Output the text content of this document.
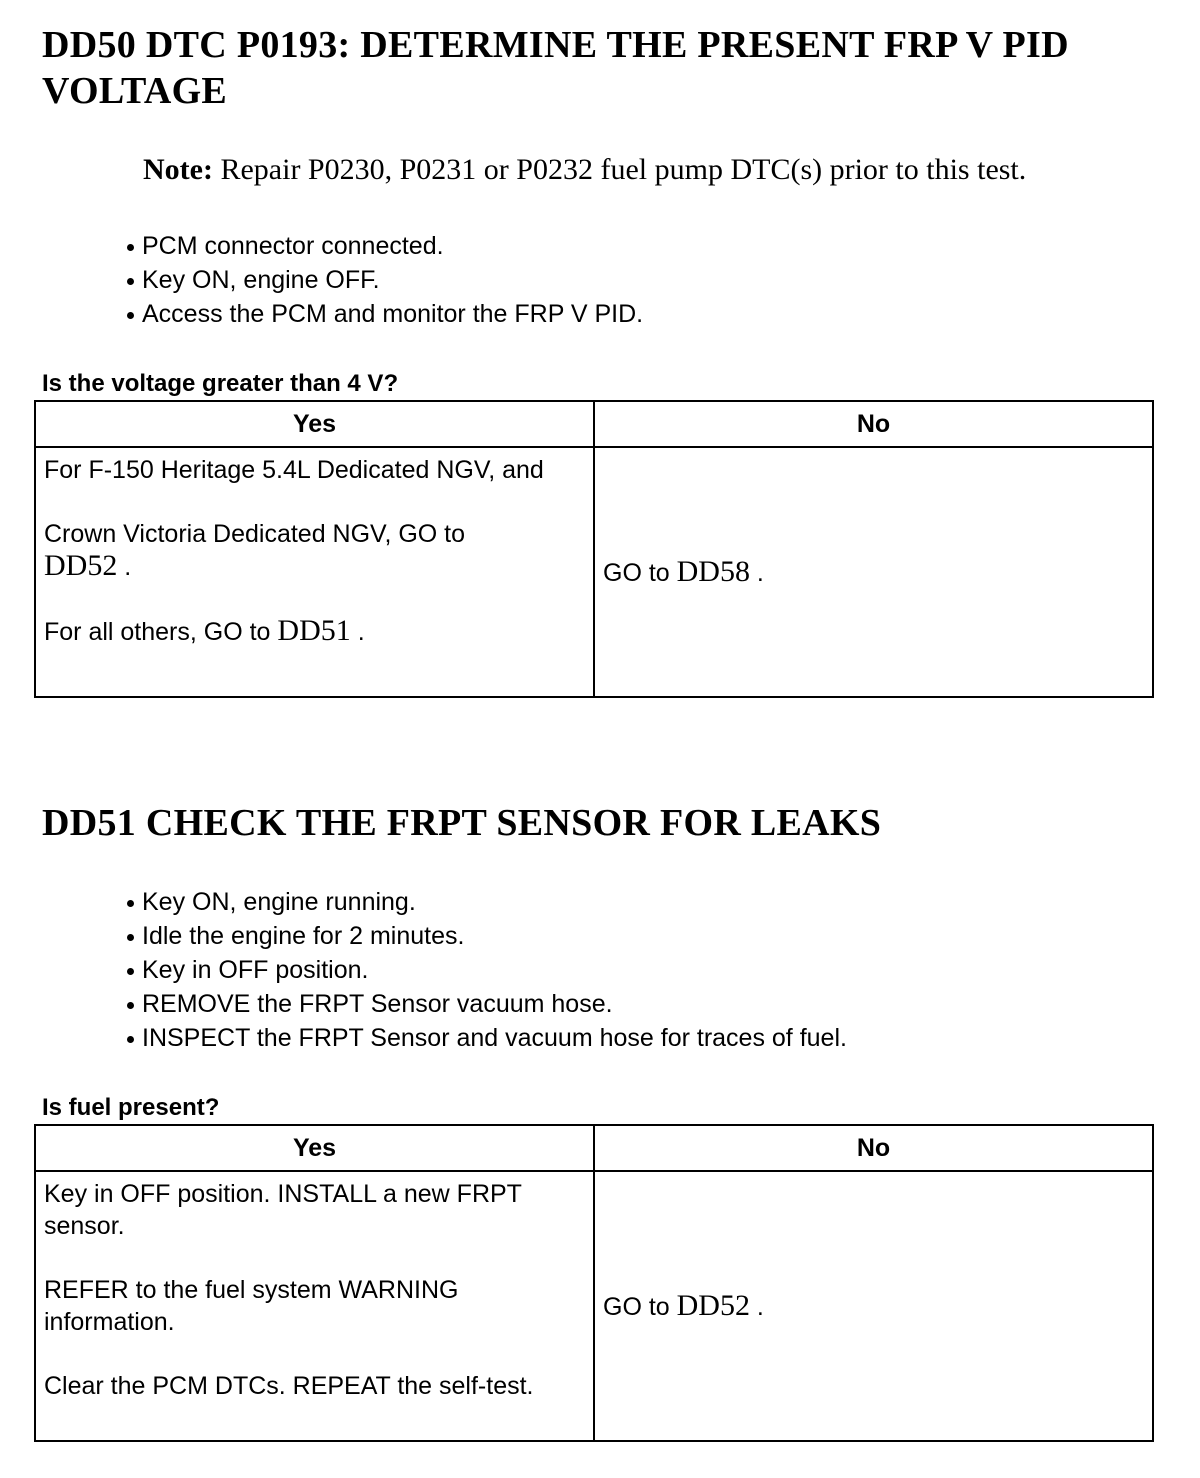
DD50 DTC P0193: DETERMINE THE PRESENT FRP V PID VOLTAGE
Note: Repair P0230, P0231 or P0232 fuel pump DTC(s) prior to this test.
PCM connector connected.
Key ON, engine OFF.
Access the PCM and monitor the FRP V PID.
Is the voltage greater than 4 V?
Yes	No

For F-150 Heritage 5.4L Dedicated NGV, and

Crown Victoria Dedicated NGV, GO to
DD52 .

For all others, GO to DD51 .	GO to DD58 .
DD51 CHECK THE FRPT SENSOR FOR LEAKS
Key ON, engine running.
Idle the engine for 2 minutes.
Key in OFF position.
REMOVE the FRPT Sensor vacuum hose.
INSPECT the FRPT Sensor and vacuum hose for traces of fuel.
Is fuel present?
Yes	No

Key in OFF position. INSTALL a new FRPT sensor.

REFER to the fuel system WARNING information.

Clear the PCM DTCs. REPEAT the self-test.	GO to DD52 .
